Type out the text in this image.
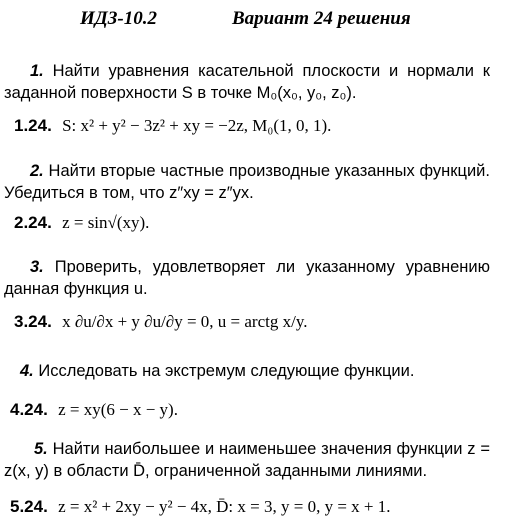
ИДЗ-10.2	Вариант 24 решения
1. Найти уравнения касательной плоскости и нормали к заданной поверхности S в точке M₀(x₀, y₀, z₀).
1.24. S: x² + y² − 3z² + xy = −2z, M₀(1, 0, 1).
2. Найти вторые частные производные указанных функций. Убедиться в том, что z″xy = z″yx.
2.24. z = sin√(xy).
3. Проверить, удовлетворяет ли указанному уравнению данная функция u.
3.24. x ∂u/∂x + y ∂u/∂y = 0, u = arctg x/y.
4. Исследовать на экстремум следующие функции.
4.24. z = xy(6 − x − y).
5. Найти наибольшее и наименьшее значения функции z = z(x, y) в области D̄, ограниченной заданными линиями.
5.24. z = x² + 2xy − y² − 4x, D̄: x = 3, y = 0, y = x + 1.
